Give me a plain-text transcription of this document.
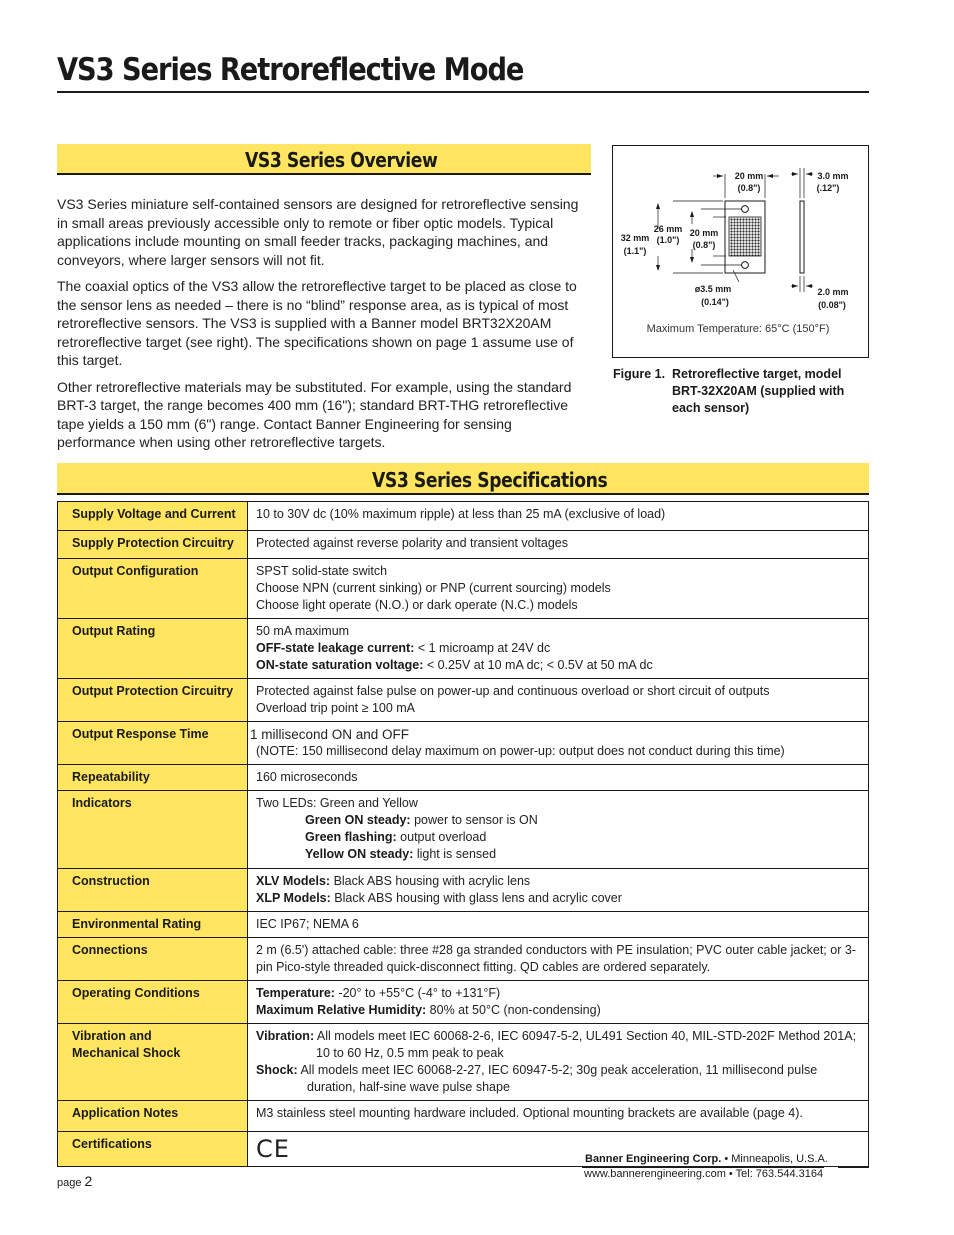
VS3 Series Retroreflective Mode
VS3 Series Overview

VS3 Series miniature self-contained sensors are designed for retroreflective sensing in small areas previously accessible only to remote or fiber optic models. Typical applications include mounting on small feeder tracks, packaging machines, and conveyors, where larger sensors will not fit.

The coaxial optics of the VS3 allow the retroreflective target to be placed as close to the sensor lens as needed – there is no “blind” response area, as is typical of most retroreflective sensors. The VS3 is supplied with a Banner model BRT32X20AM retroreflective target (see right). The specifications shown on page 1 assume use of this target.

Other retroreflective materials may be substituted. For example, using the standard BRT-3 target, the range becomes 400 mm (16"); standard BRT-THG retroreflective tape yields a 150 mm (6") range. Contact Banner Engineering for sensing performance when using other retroreflective targets.

20 mm
(0.8")
3.0 mm
(.12")
32 mm
(1.1")
26 mm
(1.0")
20 mm
(0.8")
ø3.5 mm
(0.14")
2.0 mm
(0.08")
Maximum Temperature: 65°C (150°F)
Figure 1. Retroreflective target, model BRT-32X20AM (supplied with each sensor)
VS3 Series Specifications
Supply Voltage and Current	10 to 30V dc (10% maximum ripple) at less than 25 mA (exclusive of load)

Supply Protection Circuitry	Protected against reverse polarity and transient voltages

Output Configuration	SPST solid-state switch
Choose NPN (current sinking) or PNP (current sourcing) models
Choose light operate (N.O.) or dark operate (N.C.) models

Output Rating	50 mA maximum
OFF-state leakage current: < 1 microamp at 24V dc
ON-state saturation voltage: < 0.25V at 10 mA dc; < 0.5V at 50 mA dc

Output Protection Circuitry	Protected against false pulse on power-up and continuous overload or short circuit of outputs
Overload trip point ≥ 100 mA

Output Response Time	1 millisecond ON and OFF
(NOTE: 150 millisecond delay maximum on power-up: output does not conduct during this time)

Repeatability	160 microseconds

Indicators	Two LEDs: Green and Yellow
Green ON steady: power to sensor is ON
Green flashing: output overload
Yellow ON steady: light is sensed

Construction	XLV Models: Black ABS housing with acrylic lens
XLP Models: Black ABS housing with glass lens and acrylic cover

Environmental Rating	IEC IP67; NEMA 6

Connections	2 m (6.5') attached cable: three #28 ga stranded conductors with PE insulation; PVC outer cable jacket; or 3-pin Pico-style threaded quick-disconnect fitting. QD cables are ordered separately.

Operating Conditions	Temperature: -20° to +55°C (-4° to +131°F)
Maximum Relative Humidity: 80% at 50°C (non-condensing)

Vibration and
Mechanical Shock	Vibration: All models meet IEC 60068-2-6, IEC 60947-5-2, UL491 Section 40, MIL-STD-202F Method 201A; 10 to 60 Hz, 0.5 mm peak to peak
Shock: All models meet IEC 60068-2-27, IEC 60947-5-2; 30g peak acceleration, 11 millisecond pulse duration, half-sine wave pulse shape

Application Notes	M3 stainless steel mounting hardware included. Optional mounting brackets are available (page 4).

Certifications	CE	Banner Engineering Corp. • Minneapolis, U.S.A.
www.bannerengineering.com • Tel: 763.544.3164
page 2
